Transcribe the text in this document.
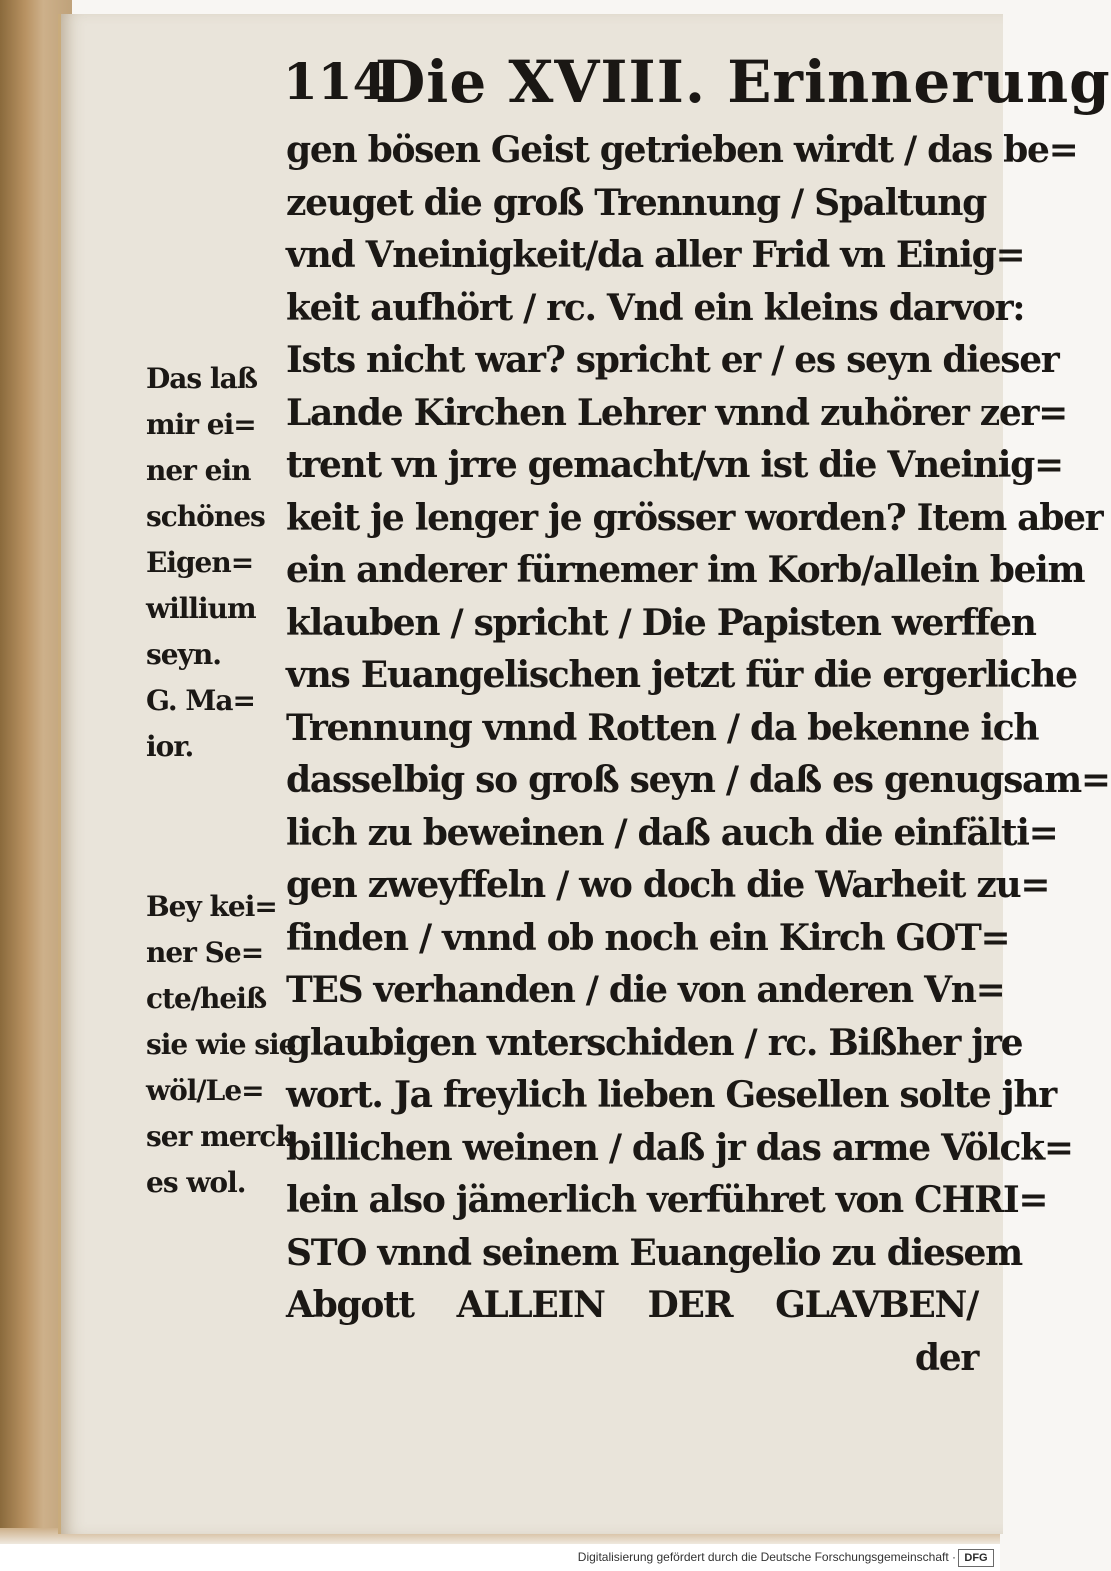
114
Die XVIII. Erinnerung
gen bösen Geist getrieben wirdt / das be=
zeuget die groß Trennung / Spaltung
vnd Vneinigkeit/da aller Frid vn Einig=
keit aufhört / rc. Vnd ein kleins darvor:
Ists nicht war? spricht er / es seyn dieser
Lande Kirchen Lehrer vnnd zuhörer zer=
trent vn jrre gemacht/vn ist die Vneinig=
keit je lenger je grösser worden? Item aber
ein anderer fürnemer im Korb/allein beim
klauben / spricht / Die Papisten werffen
vns Euangelischen jetzt für die ergerliche
Trennung vnnd Rotten / da bekenne ich
dasselbig so groß seyn / daß es genugsam=
lich zu beweinen / daß auch die einfälti=
gen zweyffeln / wo doch die Warheit zu=
finden / vnnd ob noch ein Kirch GOT=
TES verhanden / die von anderen Vn=
glaubigen vnterschiden / rc. Bißher jre
wort. Ja freylich lieben Gesellen solte jhr
billichen weinen / daß jr das arme Völck=
lein also jämerlich verführet von CHRI=
STO vnnd seinem Euangelio zu diesem
Abgott ALLEIN DER GLAVBEN/
der
Das laß
mir ei=
ner ein
schönes
Eigen=
willium
seyn.
G. Ma=
ior.
Bey kei=
ner Se=
cte/heiß
sie wie sie
wöl/Le=
ser merck
es wol.
Digitalisierung gefördert durch die Deutsche Forschungsgemeinschaft · DFG
